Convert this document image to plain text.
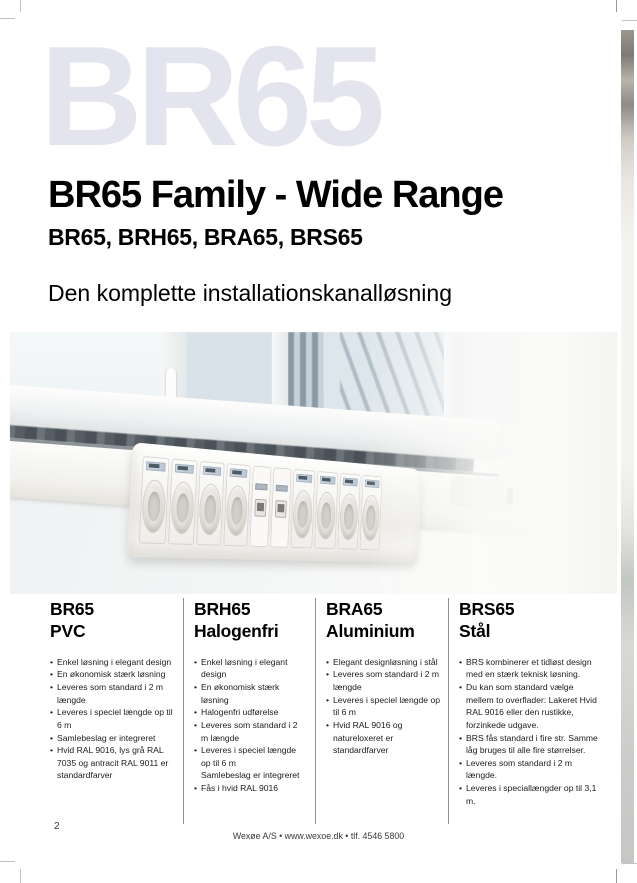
BR65
BR65 Family - Wide Range
BR65, BRH65, BRA65, BRS65
Den komplette installationskanalløsning
BR65
PVC
• Enkel løsning i elegant design
• En økonomisk stærk løsning
• Leveres som standard i 2 m længde
• Leveres i speciel længde op til 6 m
• Samlebeslag er integreret
• Hvid RAL 9016, lys grå RAL 7035 og antracit RAL 9011 er standardfarver
BRH65
Halogenfri
• Enkel løsning i elegant design
• En økonomisk stærk løsning
• Halogenfri udførelse
• Leveres som standard i 2 m længde
• Leveres i speciel længde op til 6 m
Samlebeslag er integreret
• Fås i hvid RAL 9016
BRA65
Aluminium
• Elegant designløsning i stål
• Leveres som standard i 2 m længde
• Leveres i speciel længde op til 6 m
• Hvid RAL 9016 og natureloxeret er standardfarver
BRS65
Stål
• BRS kombinerer et tidløst design med en stærk teknisk løsning.
• Du kan som standard vælge mellem to overflader: Lakeret Hvid RAL 9016 eller den rustikke, forzinkede udgave.
• BRS fås standard i fire str. Samme låg bruges til alle fire størrelser.
• Leveres som standard i 2 m længde.
• Leveres i speciallængder op til 3,1 m.
2
Wexøe A/S • www.wexoe.dk • tlf. 4546 5800
